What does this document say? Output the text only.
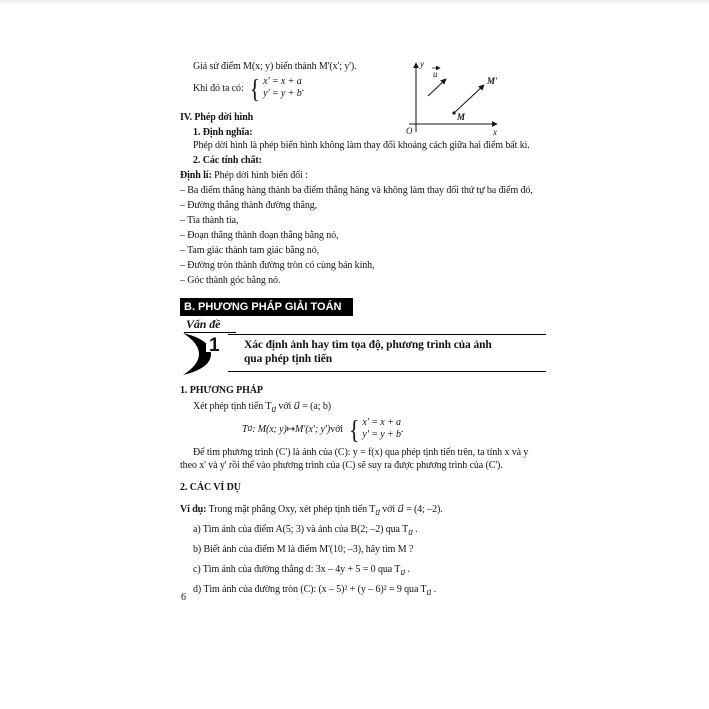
Giả sử điểm M(x; y) biến thành M'(x'; y').

Khi đó ta có: { x' = x + a
y' = y + b .
y
x
O
u
M
M'

IV. Phép dời hình

1. Định nghĩa:

Phép dời hình là phép biến hình không làm thay đổi khoảng cách giữa hai điểm bất kì.

2. Các tính chất:

Định lí: Phép dời hình biến đổi :

– Ba điểm thẳng hàng thành ba điểm thẳng hàng và không làm thay đổi thứ tự ba điểm đó,

– Đường thẳng thành đường thẳng,

– Tia thành tia,

– Đoạn thẳng thành đoạn thẳng bằng nó,

– Tam giác thành tam giác bằng nó,

– Đường tròn thành đường tròn có cùng bán kính,

– Góc thành góc bằng nó.

B. PHƯƠNG PHÁP GIẢI TOÁN
Vấn đề
1 Xác định ảnh hay tìm tọa độ, phương trình của ảnh
qua phép tịnh tiến

1. PHƯƠNG PHÁP

Xét phép tịnh tiến $T_{u⃗}$ với u⃗ = (a; b)

T u⃗ : M(x; y) ↦ M'(x'; y') với { x' = x + a
y' = y + b .

Để tìm phương trình (C') là ảnh của (C): y = f(x) qua phép tịnh tiến trên, ta tính x và y theo x' và y' rồi thế vào phương trình của (C) sẽ suy ra được phương trình của (C').

2. CÁC VÍ DỤ

Ví dụ: Trong mặt phẳng Oxy, xét phép tịnh tiến $T_{u⃗}$ với u⃗ = (4; –2).

a) Tìm ảnh của điểm A(5; 3) và ảnh của B(2; –2) qua $T_{u⃗}$ .

b) Biết ảnh của điểm M là điểm M'(10; –3), hãy tìm M ?

c) Tìm ảnh của đường thẳng d: 3x – 4y + 5 = 0 qua $T_{u⃗}$ .

d) Tìm ảnh của đường tròn (C): (x – 5)² + (y – 6)² = 9 qua $T_{u⃗}$ .

6
